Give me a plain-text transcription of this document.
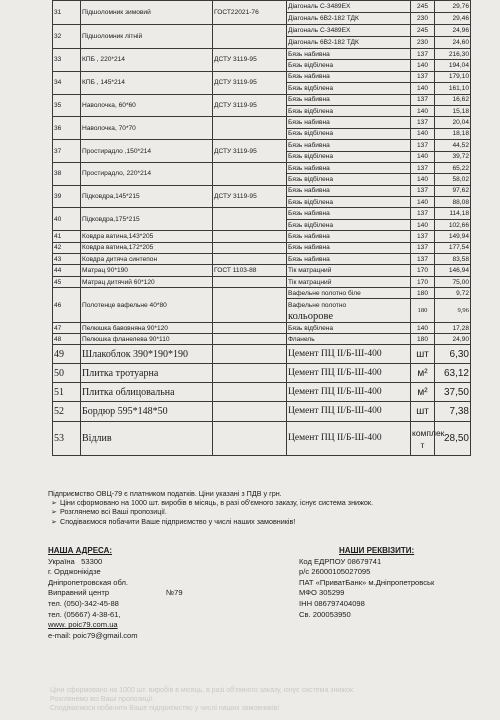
31	Підшоломник зимовий	ГОСТ22021-76	Діагональ С-3489ЕХ	245	29,76
			Діагональ 6В2-182 ТДК	230	29,46
32	Підшоломник літній		Діагональ С-3489ЕХ	245	24,96
			Діагональ 6В2-182 ТДК	230	24,60
33	КПБ , 220*214	ДСТУ 3119-95	Бязь набивна	137	216,30
			Бязь відбілена	140	194,04
34	КПБ , 145*214	ДСТУ 3119-95	Бязь набивна	137	179,10
			Бязь відбілена	140	161,10
35	Наволочка, 60*60	ДСТУ 3119-95	Бязь набивна	137	16,62
			Бязь відбілена	140	15,18
36	Наволочка, 70*70		Бязь набивна	137	20,04
			Бязь відбілена	140	18,18
37	Простирадло ,150*214	ДСТУ 3119-95	Бязь набивна	137	44,52
			Бязь відбілена	140	39,72
38	Простирадло, 220*214		Бязь набивна	137	65,22
			Бязь відбілена	140	58,02
39	Підковдра,145*215	ДСТУ 3119-95	Бязь набивна	137	97,62
			Бязь відбілена	140	88,08
40	Підковдра,175*215		Бязь набивна	137	114,18
			Бязь відбілена	140	102,66
41	Ковдра ватина,143*205		Бязь набивна	137	149,94
42	Ковдра ватина,172*205		Бязь набивна	137	177,54
43	Ковдра дитяча синтепон		Бязь набивна	137	83,58
44	Матрац 90*190	ГОСТ 1103-88	Тік матрацний	170	146,94
45	Матрац дитячий 60*120		Тік матрацний	170	75,00
46	Полотенце вафельне 40*80		Вафельне полотно біле	180	9,72

			Вафельне полотно
кольорове	180	9,96
47	Пелюшка бавовняна 90*120		Бязь відбілена	140	17,28
48	Пелюшка фланелева 90*110		Фланель	180	24,90
49	Шлакоблок 390*190*190		Цемент ПЦ ІІ/Б-Ш-400	шт	6,30
50	Плитка тротуарна		Цемент ПЦ ІІ/Б-Ш-400	м²	63,12
51	Плитка облицовальна		Цемент ПЦ ІІ/Б-Ш-400	м²	37,50
52	Бордюр 595*148*50		Цемент ПЦ ІІ/Б-Ш-400	шт	7,38
53	Відлив		Цемент ПЦ ІІ/Б-Ш-400	комплек
т	28,50
Підприємство ОВЦ-79 є платником податків. Ціни указані з ПДВ у грн.
➢ Ціни сформовано на 1000 шт. виробів в місяць, в разі об'ємного заказу, існує система знижок.
➢ Розглянемо всі Ваші пропозиції.
➢ Сподіваємося побачити Ваше підприємство у числі наших замовників!
НАША АДРЕСА:
Україна 53300
г. Орджонікідзе
Дніпропетровская обл.
Виправний центр	№79
тел. (050)-342-45-88
тел. (05667) 4-38-61,
www. poic79.com.ua
e-mail: poic79@gmail.com
НАШИ РЕКВІЗИТИ:
Код ЕДРПОУ 08679741
р/с 26000105027095
ПАТ «ПриватБанк» м.Дніпропетровськ
МФО 305299
ІНН 086797404098
Св. 200053950
Ціни сформовано на 1000 шт. виробів в місяць, в разі об'ємного заказу, існує система знижок.
Розглянемо всі Ваші пропозиції.
Сподіваємося побачити Ваше підприємство у числі наших замовників!
